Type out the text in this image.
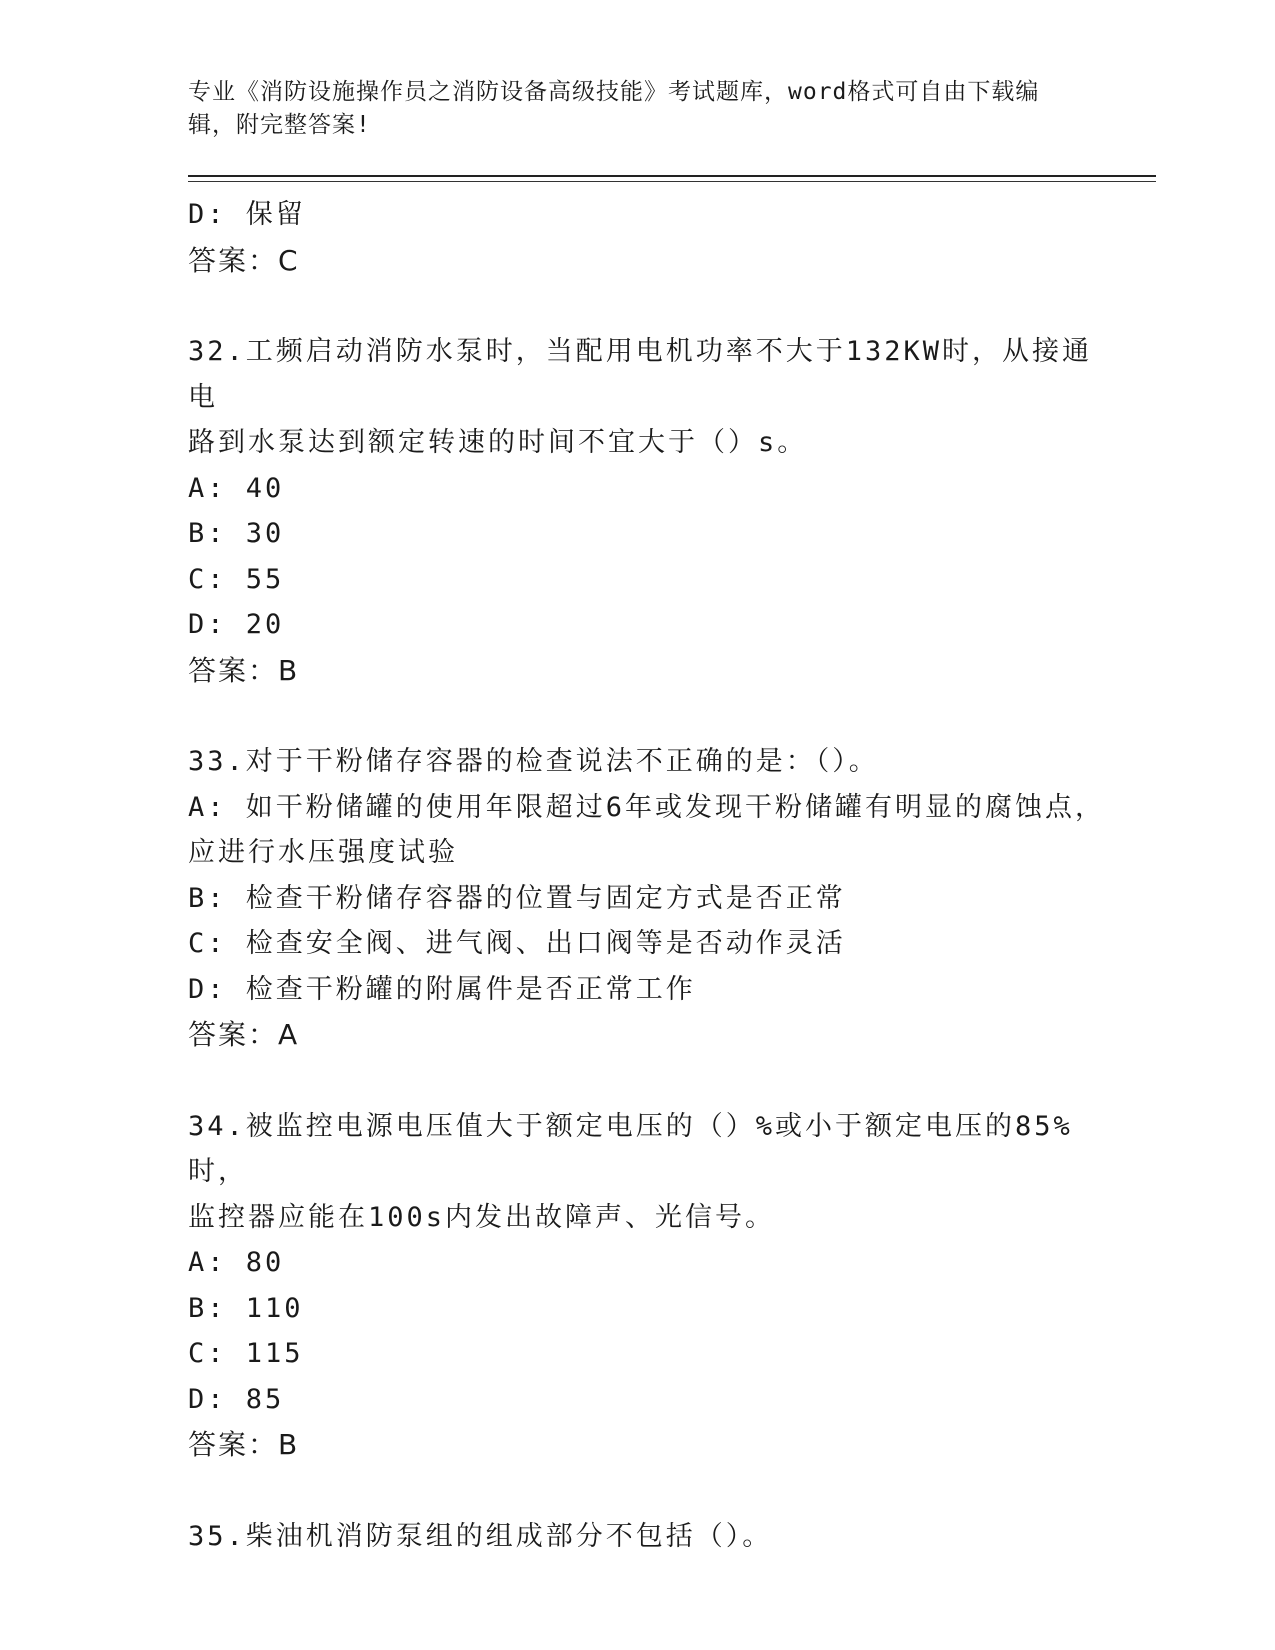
专业《消防设施操作员之消防设备高级技能》考试题库，word格式可自由下载编
辑，附完整答案!
D: 保留
答案：C
32.工频启动消防水泵时，当配用电机功率不大于132KW时，从接通电
路到水泵达到额定转速的时间不宜大于（）s。
A: 40
B: 30
C: 55
D: 20
答案：B
33.对于干粉储存容器的检查说法不正确的是：（）。
A: 如干粉储罐的使用年限超过6年或发现干粉储罐有明显的腐蚀点，
应进行水压强度试验
B: 检查干粉储存容器的位置与固定方式是否正常
C: 检查安全阀、进气阀、出口阀等是否动作灵活
D: 检查干粉罐的附属件是否正常工作
答案：A
34.被监控电源电压值大于额定电压的（）%或小于额定电压的85%时，
监控器应能在100s内发出故障声、光信号。
A: 80
B: 110
C: 115
D: 85
答案：B
35.柴油机消防泵组的组成部分不包括（）。
